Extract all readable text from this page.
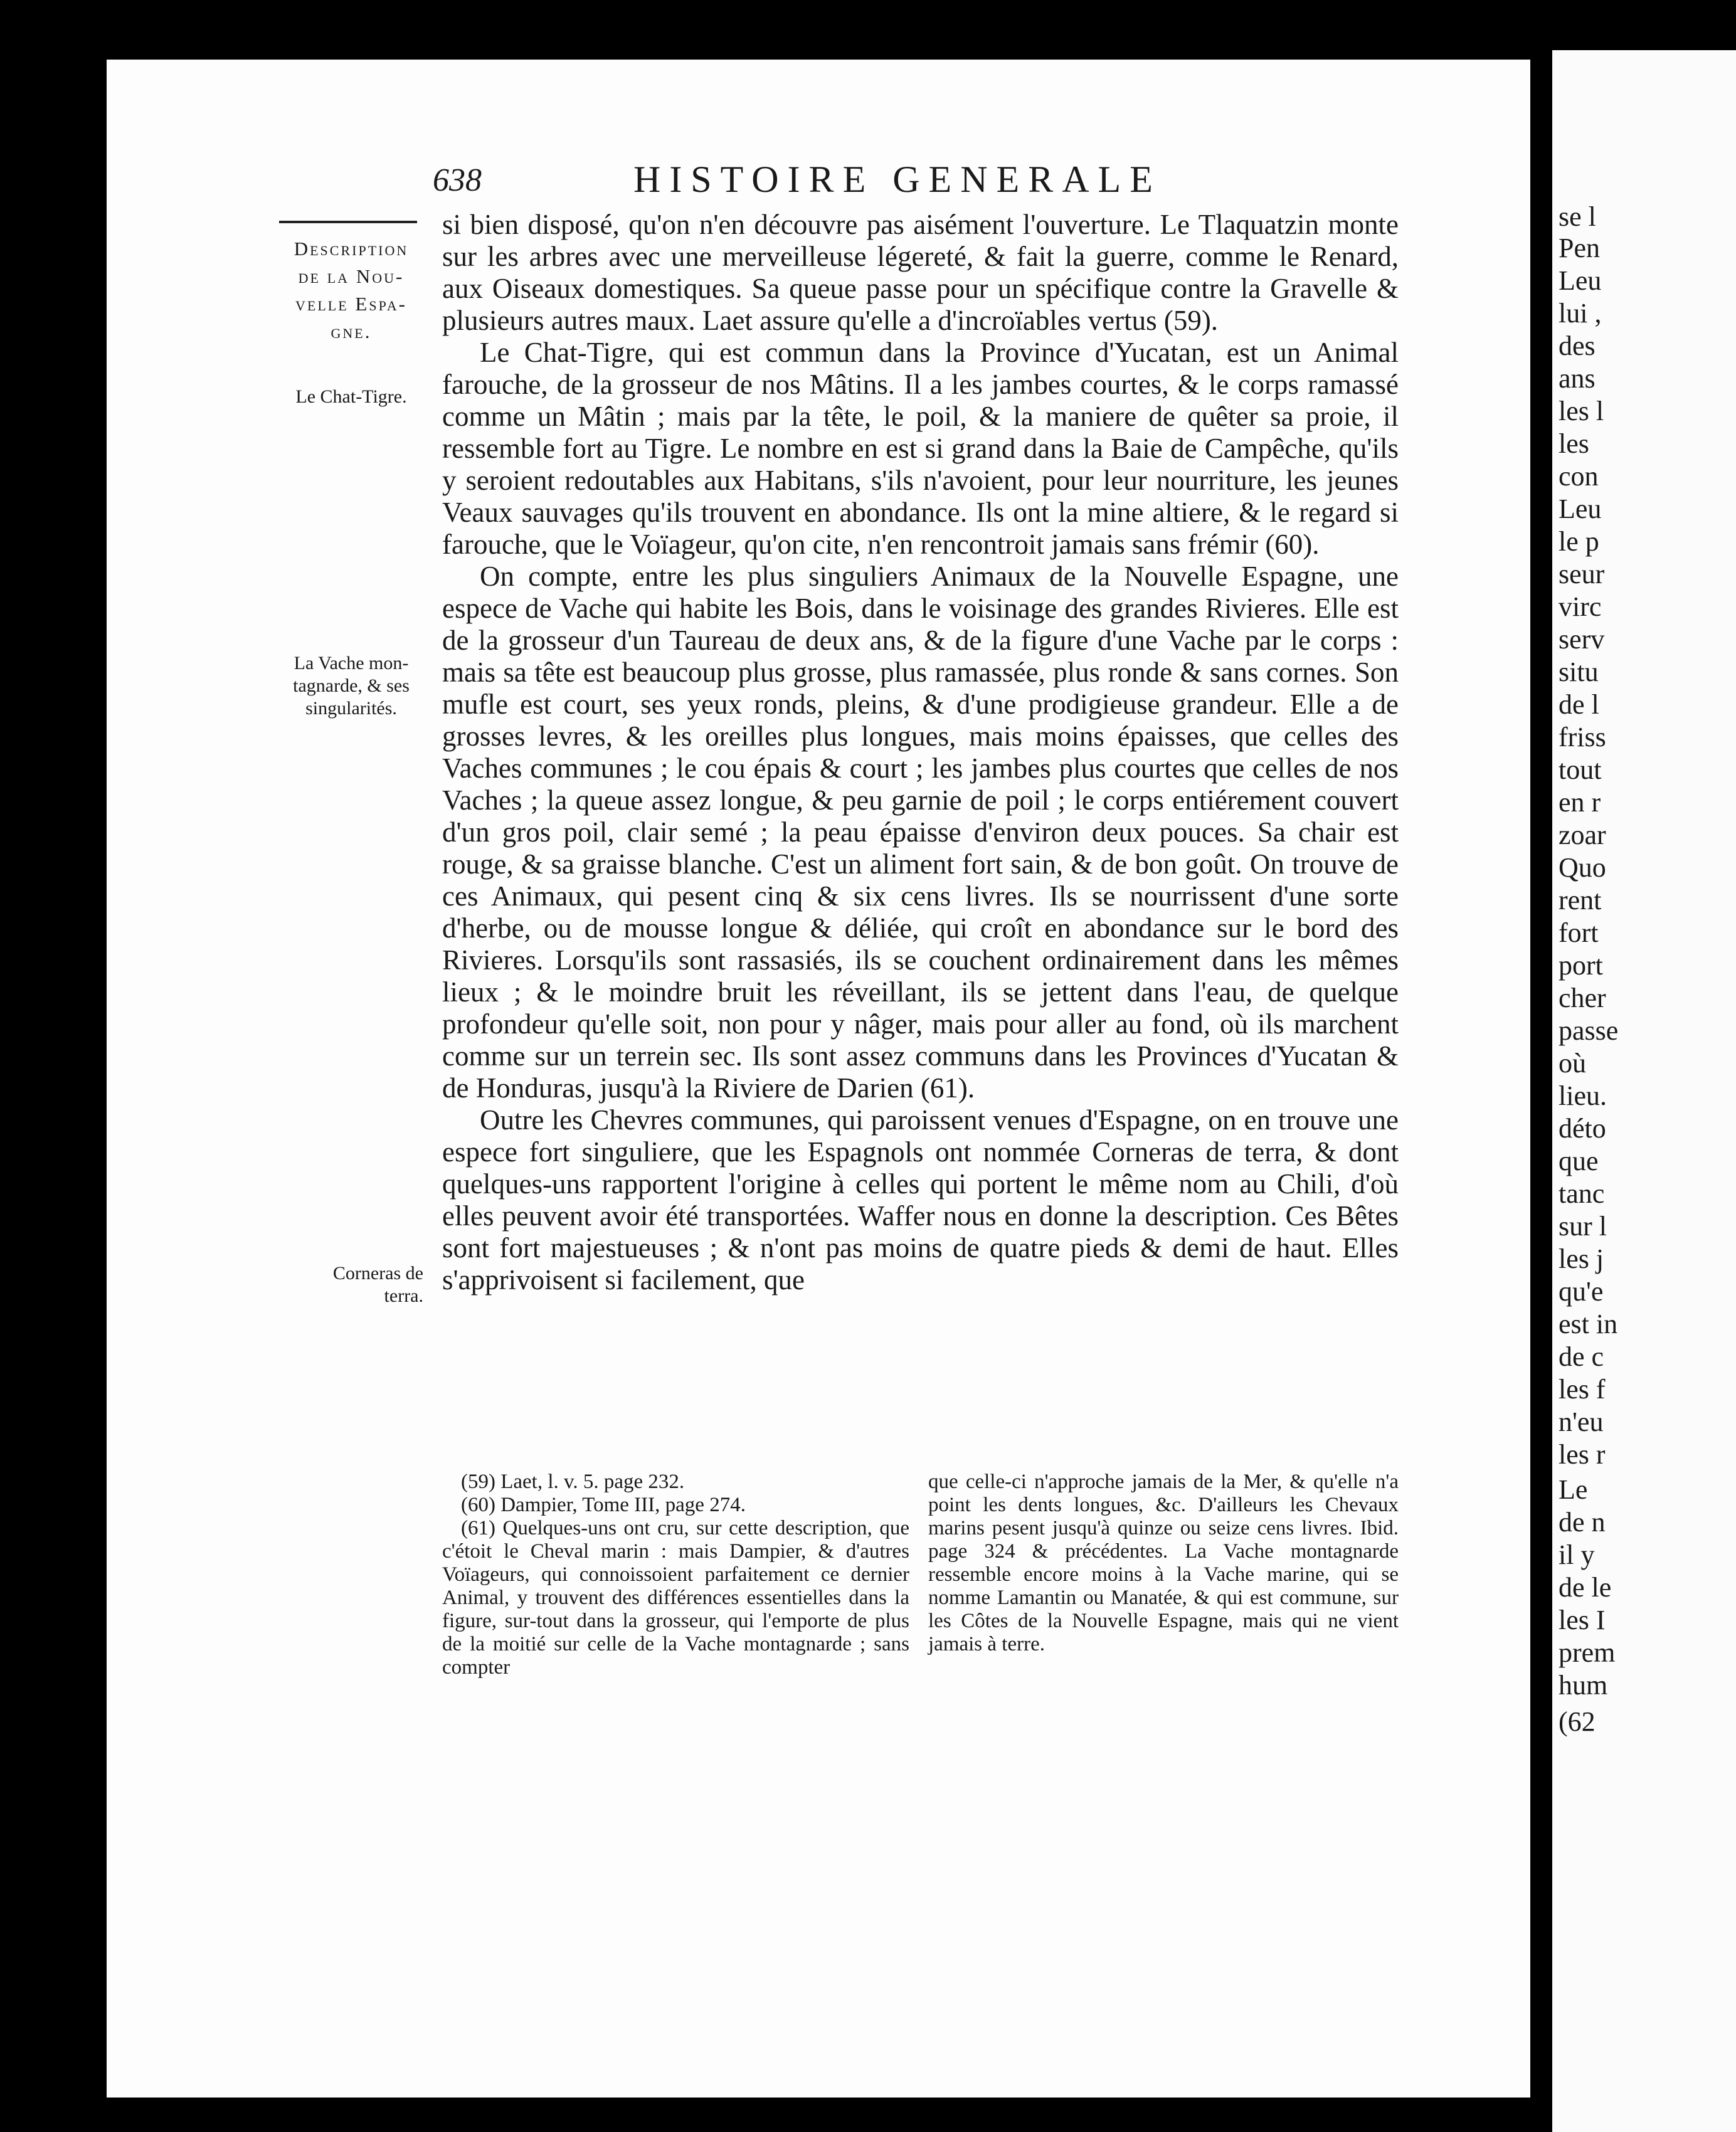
638	HISTOIRE GENERALE
Description
de la Nou-
velle Espa-
gne.
Le Chat-Tigre.
La Vache mon-
tagnarde, & ses
singularités.
Corneras de
terra.

si bien disposé, qu'on n'en découvre pas aisément l'ouverture. Le Tlaquatzin monte sur les arbres avec une merveilleuse légereté, & fait la guerre, comme le Renard, aux Oiseaux domestiques. Sa queue passe pour un spécifique contre la Gravelle & plusieurs autres maux. Laet assure qu'elle a d'incroïables vertus (59).

Le Chat-Tigre, qui est commun dans la Province d'Yucatan, est un Animal farouche, de la grosseur de nos Mâtins. Il a les jambes courtes, & le corps ramassé comme un Mâtin ; mais par la tête, le poil, & la maniere de quêter sa proie, il ressemble fort au Tigre. Le nombre en est si grand dans la Baie de Campêche, qu'ils y seroient redoutables aux Habitans, s'ils n'avoient, pour leur nourriture, les jeunes Veaux sauvages qu'ils trouvent en abondance. Ils ont la mine altiere, & le regard si farouche, que le Voïageur, qu'on cite, n'en rencontroit jamais sans frémir (60).

On compte, entre les plus singuliers Animaux de la Nouvelle Espagne, une espece de Vache qui habite les Bois, dans le voisinage des grandes Rivieres. Elle est de la grosseur d'un Taureau de deux ans, & de la figure d'une Vache par le corps : mais sa tête est beaucoup plus grosse, plus ramassée, plus ronde & sans cornes. Son mufle est court, ses yeux ronds, pleins, & d'une prodigieuse grandeur. Elle a de grosses levres, & les oreilles plus longues, mais moins épaisses, que celles des Vaches communes ; le cou épais & court ; les jambes plus courtes que celles de nos Vaches ; la queue assez longue, & peu garnie de poil ; le corps entiérement couvert d'un gros poil, clair semé ; la peau épaisse d'environ deux pouces. Sa chair est rouge, & sa graisse blanche. C'est un aliment fort sain, & de bon goût. On trouve de ces Animaux, qui pesent cinq & six cens livres. Ils se nourrissent d'une sorte d'herbe, ou de mousse longue & déliée, qui croît en abondance sur le bord des Rivieres. Lorsqu'ils sont rassasiés, ils se couchent ordinairement dans les mêmes lieux ; & le moindre bruit les réveillant, ils se jettent dans l'eau, de quelque profondeur qu'elle soit, non pour y nâger, mais pour aller au fond, où ils marchent comme sur un terrein sec. Ils sont assez communs dans les Provinces d'Yucatan & de Honduras, jusqu'à la Riviere de Darien (61).

Outre les Chevres communes, qui paroissent venues d'Espagne, on en trouve une espece fort singuliere, que les Espagnols ont nommée Corneras de terra, & dont quelques-uns rapportent l'origine à celles qui portent le même nom au Chili, d'où elles peuvent avoir été transportées. Waffer nous en donne la description. Ces Bêtes sont fort majestueuses ; & n'ont pas moins de quatre pieds & demi de haut. Elles s'apprivoisent si facilement, que

(59) Laet, l. v. 5. page 232.

(60) Dampier, Tome III, page 274.

(61) Quelques-uns ont cru, sur cette description, que c'étoit le Cheval marin : mais Dampier, & d'autres Voïageurs, qui connoissoient parfaitement ce dernier Animal, y trouvent des différences essentielles dans la figure, sur-tout dans la grosseur, qui l'emporte de plus de la moitié sur celle de la Vache montagnarde ; sans compter

que celle-ci n'approche jamais de la Mer, & qu'elle n'a point les dents longues, &c. D'ailleurs les Chevaux marins pesent jusqu'à quinze ou seize cens livres. Ibid. page 324 & précédentes. La Vache montagnarde ressemble encore moins à la Vache marine, qui se nomme Lamantin ou Manatée, & qui est commune, sur les Côtes de la Nouvelle Espagne, mais qui ne vient jamais à terre.

se l
Pen
Leu
lui ,
des
ans
les l
les
con
Leu
le p
seur
virc
serv
situ
de l
friss
tout
en r
zoar
Quo
rent
fort
port
cher
passe
où
lieu.
déto
que
tanc
sur l
les j
qu'e
est in
de c
les f
n'eu
les r
Le
de n
il y
de le
les I
prem
hum
(62
